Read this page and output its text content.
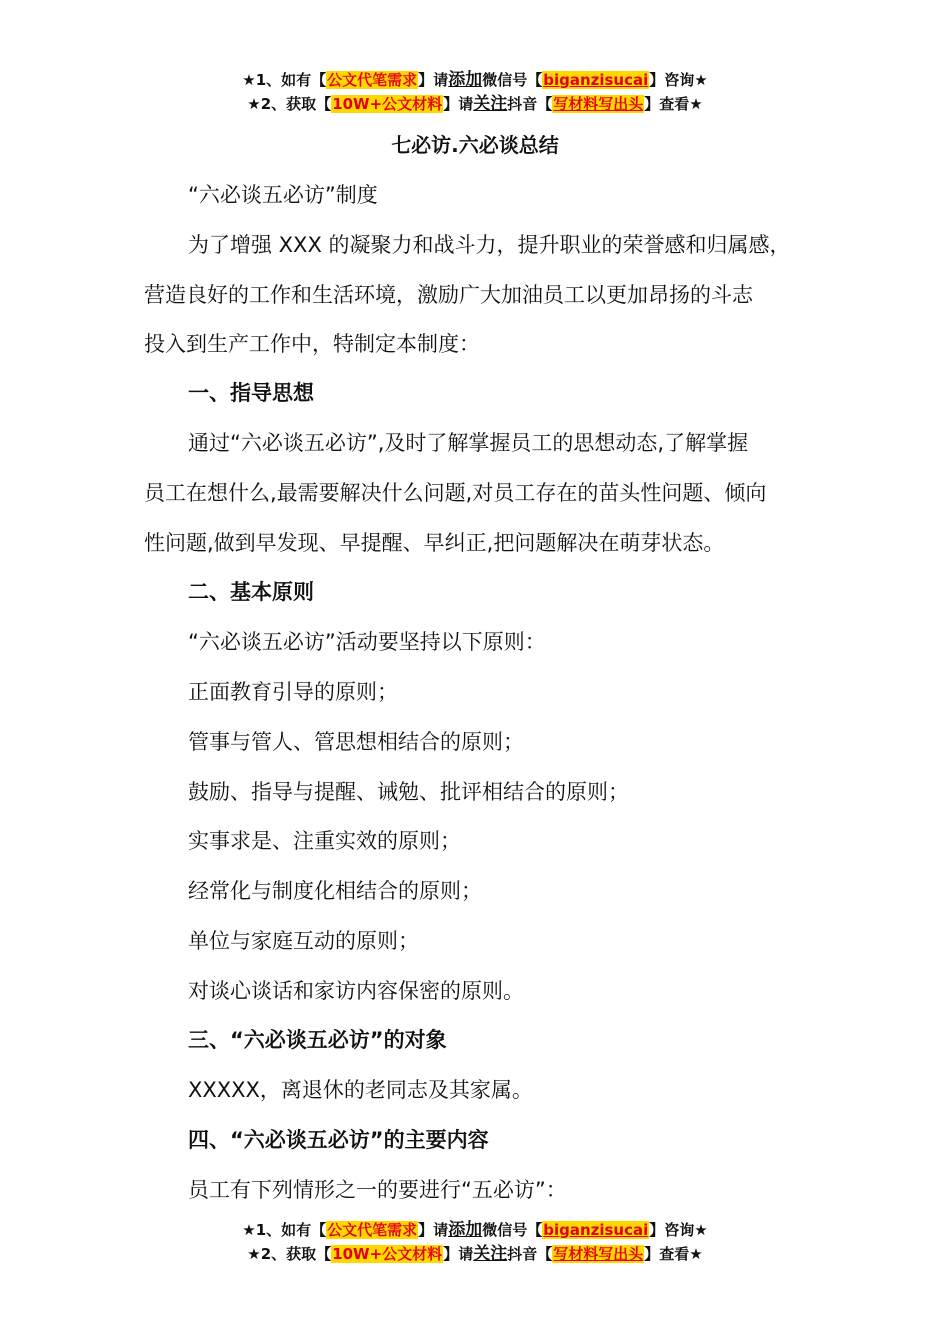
★1、如有【公文代笔需求】请添加微信号【biganzisucai】咨询★
★2、获取【10W+公文材料】请关注抖音【写材料写出头】查看★
七必访.六必谈总结
“六必谈五必访”制度
为了增强 XXX 的凝聚力和战斗力，提升职业的荣誉感和归属感，
营造良好的工作和生活环境，激励广大加油员工以更加昂扬的斗志
投入到生产工作中，特制定本制度：
一、指导思想
通过“六必谈五必访”,及时了解掌握员工的思想动态,了解掌握
员工在想什么,最需要解决什么问题,对员工存在的苗头性问题、倾向
性问题,做到早发现、早提醒、早纠正,把问题解决在萌芽状态。
二、基本原则
“六必谈五必访”活动要坚持以下原则：
正面教育引导的原则；
管事与管人、管思想相结合的原则；
鼓励、指导与提醒、诫勉、批评相结合的原则；
实事求是、注重实效的原则；
经常化与制度化相结合的原则；
单位与家庭互动的原则；
对谈心谈话和家访内容保密的原则。
三、“六必谈五必访”的对象
XXXXX，离退休的老同志及其家属。
四、“六必谈五必访”的主要内容
员工有下列情形之一的要进行“五必访”：
★1、如有【公文代笔需求】请添加微信号【biganzisucai】咨询★
★2、获取【10W+公文材料】请关注抖音【写材料写出头】查看★
